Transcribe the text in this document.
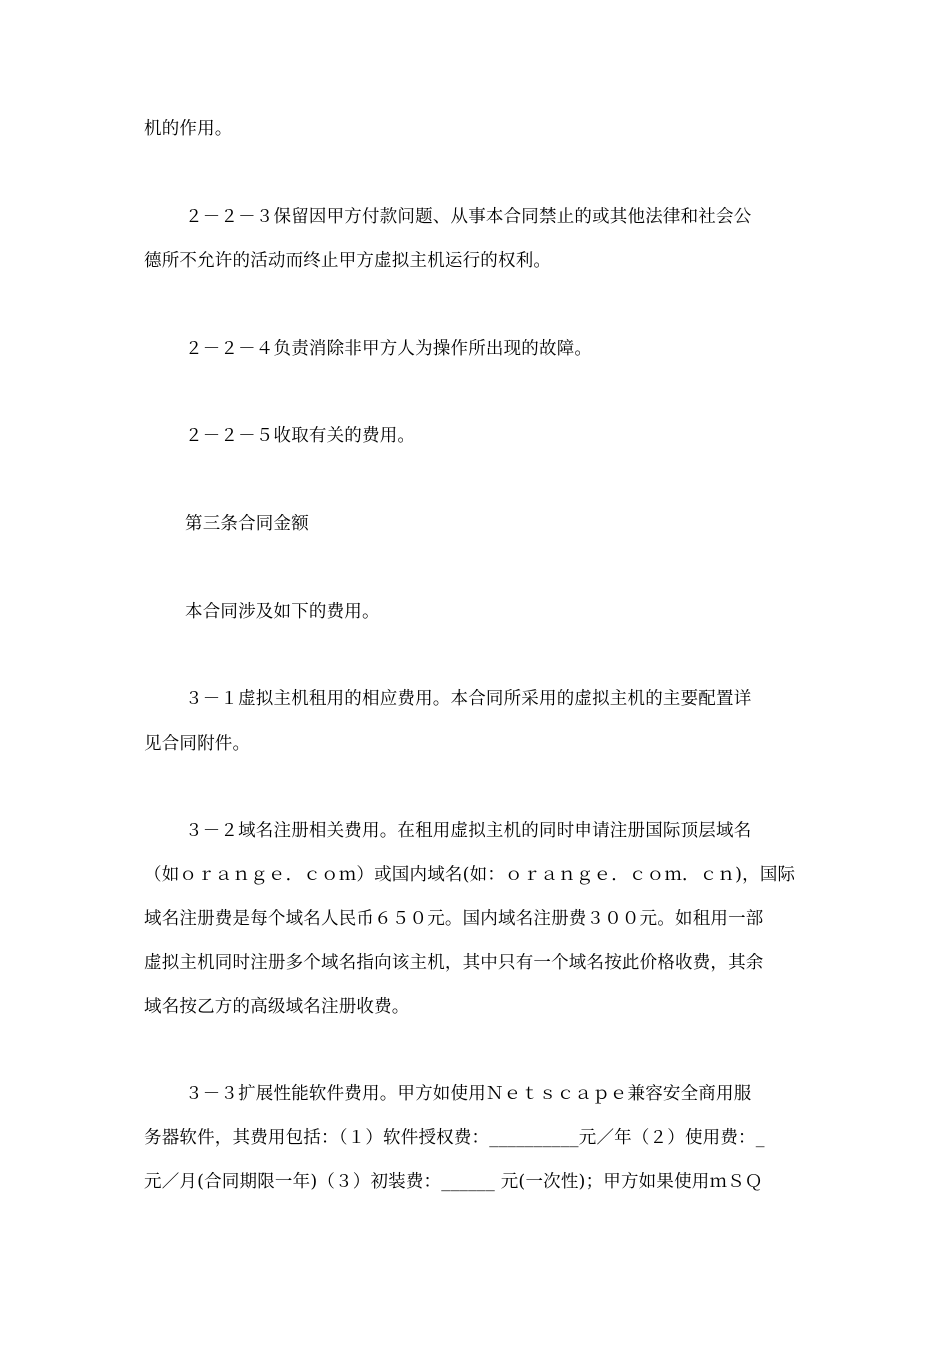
机的作用。
２－２－３保留因甲方付款问题、从事本合同禁止的或其他法律和社会公
德所不允许的活动而终止甲方虚拟主机运行的权利。
２－２－４负责消除非甲方人为操作所出现的故障。
２－２－５收取有关的费用。
第三条合同金额
本合同涉及如下的费用。
３－１虚拟主机租用的相应费用。本合同所采用的虚拟主机的主要配置详
见合同附件。
３－２域名注册相关费用。在租用虚拟主机的同时申请注册国际顶层域名
（如ｏｒａｎｇｅ．ｃｏｍ）或国内域名(如：ｏｒａｎｇｅ．ｃｏｍ．ｃｎ)，国际
域名注册费是每个域名人民币６５０元。国内域名注册费３００元。如租用一部
虚拟主机同时注册多个域名指向该主机，其中只有一个域名按此价格收费，其余
域名按乙方的高级域名注册收费。
３－３扩展性能软件费用。甲方如使用Ｎｅｔｓｃａｐｅ兼容安全商用服
务器软件，其费用包括：（１）软件授权费：__________元／年（２）使用费：_
元／月(合同期限一年)（３）初装费：______ 元(一次性)；甲方如果使用ｍＳＱ
